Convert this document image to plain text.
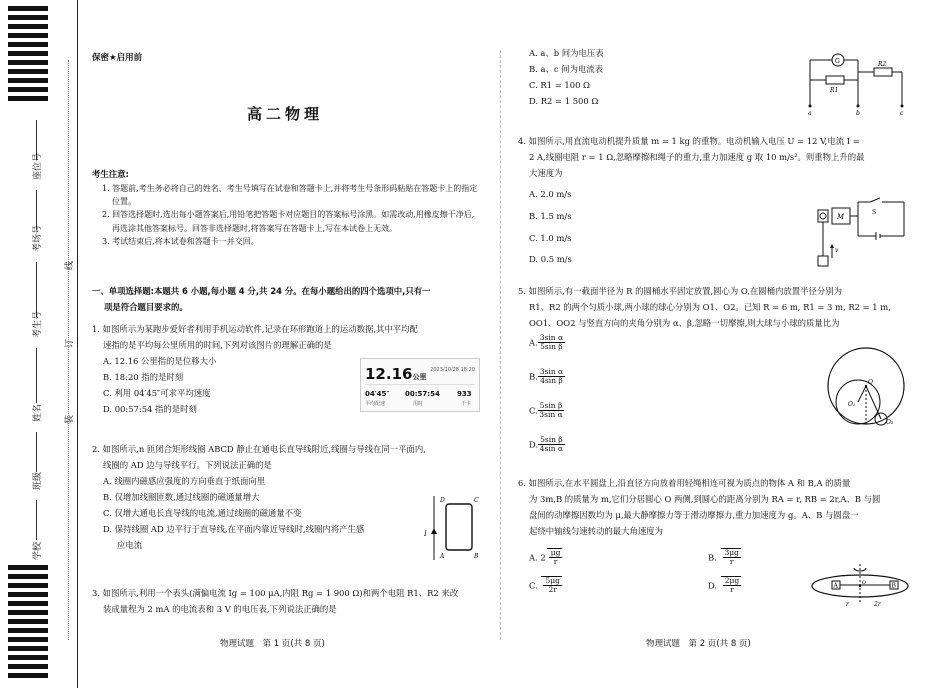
座位号
考场号
考生号
姓名
班级
学校
线
订
装
保密★启用前
高二物理
考生注意:

1. 答题前,考生务必将自己的姓名、考生号填写在试卷和答题卡上,并将考生号条形码粘贴在答题卡上的指定位置。

2. 回答选择题时,选出每小题答案后,用铅笔把答题卡对应题目的答案标号涂黑。如需改动,用橡皮擦干净后,再选涂其他答案标号。回答非选择题时,将答案写在答题卡上,写在本试卷上无效。

3. 考试结束后,将本试卷和答题卡一并交回。

一、单项选择题:本题共 6 小题,每小题 4 分,共 24 分。在每小题给出的四个选项中,只有一
项是符合题目要求的。
1. 如图所示为某跑步爱好者利用手机运动软件,记录在环形跑道上的运动数据,其中平均配
速指的是平均每公里所用的时间,下列对该图片的理解正确的是
A. 12.16 公里指的是位移大小
B. 18:20 指的是时刻
C. 利用 04′45″可求平均速度
D. 00:57:54 指的是时刻
12.16公里
2023/10/28 18:20
04′45″ 00:57:54 933
平均配速	用时	千卡
2. 如图所示,n 匝闭合矩形线圈 ABCD 静止在通电长直导线附近,线圈与导线在同一平面内,
线圈的 AD 边与导线平行。下列说法正确的是
A. 线圈内磁感应强度的方向垂直于纸面向里
B. 仅增加线圈匝数,通过线圈的磁通量增大
C. 仅增大通电长直导线的电流,通过线圈的磁通量不变
D. 保持线圈 AD 边平行于直导线,在平面内靠近导线时,线圈内将产生感
应电流
I
D	C
A	B
3. 如图所示,利用一个表头(满偏电流 Ig = 100 μA,内阻 Rg = 1 900 Ω)和两个电阻 R1、R2 来改
装成量程为 2 mA 的电流表和 3 V 的电压表,下列说法正确的是
物理试题　第 1 页(共 8 页)
A. a、b 间为电压表
B. a、c 间为电流表
C. R1 = 100 Ω
D. R2 = 1 500 Ω
G
R1
R2
a	b	c
4. 如图所示,用直流电动机提升质量 m = 1 kg 的重物。电动机输入电压 U = 12 V,电流 I =
2 A,线圈电阻 r = 1 Ω,忽略摩擦和绳子的重力,重力加速度 g 取 10 m/s²。则重物上升的最
大速度为
A. 2.0 m/s
B. 1.5 m/s
C. 1.0 m/s
D. 0.5 m/s
M
S
v
5. 如图所示,有一截面半径为 R 的圆桶水平固定放置,圆心为 O,在圆桶内放置半径分别为
R1、R2 的两个匀质小球,两小球的球心分别为 O1、O2。已知 R = 6 m, R1 = 3 m, R2 = 1 m,
OO1、OO2 与竖直方向的夹角分别为 α、β,忽略一切摩擦,则大球与小球的质量比为
A. $\frac{\text{3sin α}}{\text{5sin β}}$
B. $\frac{\text{3sin α}}{\text{4sin β}}$
C. $\frac{\text{5sin β}}{\text{3sin α}}$
D. $\frac{\text{5sin β}}{\text{4sin α}}$
O
O₁
O₂
6. 如图所示,在水平圆盘上,沿直径方向放着用轻绳相连可视为质点的物体 A 和 B,A 的质量
为 3m,B 的质量为 m,它们分居圆心 O 两侧,到圆心的距离分别为 RA = r, RB = 2r,A、B 与圆
盘间的动摩擦因数均为 μ,最大静摩擦力等于滑动摩擦力,重力加速度为 g。A、B 与圆盘一
起绕中轴线匀速转动的最大角速度为
A. $2 \frac{\mu g}{r}$	B. $\frac{3\mu g}{r}$
C. $\frac{5\mu g}{2r}$	D. $\frac{2\mu g}{r}$	A	B
O
r	2r
物理试题　第 2 页(共 8 页)
